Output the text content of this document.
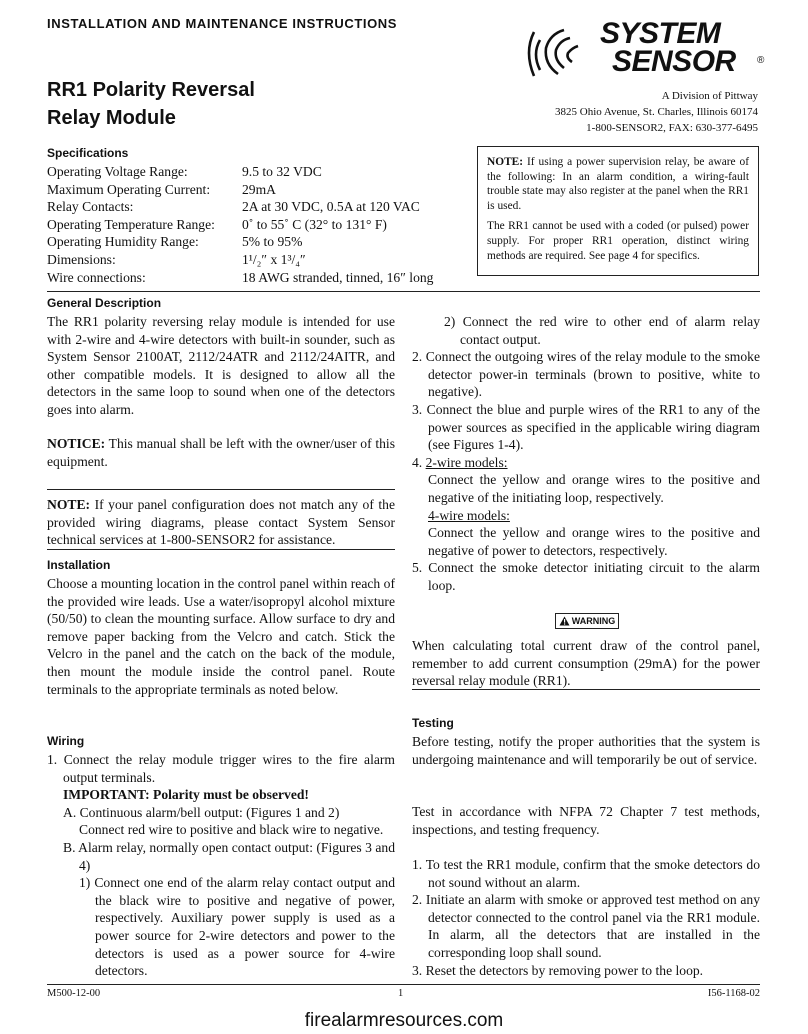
INSTALLATION AND MAINTENANCE INSTRUCTIONS
RR1 Polarity Reversal
Relay Module
SYSTEM
SENSOR ®
A Division of Pittway
3825 Ohio Avenue, St. Charles, Illinois 60174
1-800-SENSOR2, FAX: 630-377-6495
Specifications
Operating Voltage Range:	9.5 to 32 VDC
Maximum Operating Current:	29mA
Relay Contacts:	2A at 30 VDC, 0.5A at 120 VAC
Operating Temperature Range:	0˚ to 55˚ C (32° to 131° F)
Operating Humidity Range:	5% to 95%
Dimensions:	1¹/₂″ x 1³/₄″
Wire connections:	18 AWG stranded, tinned, 16″ long

NOTE: If using a power supervision relay, be aware of the following: In an alarm condition, a wiring-fault trouble state may also register at the panel when the RR1 is used.

The RR1 cannot be used with a coded (or pulsed) power supply. For proper RR1 operation, distinct wiring methods are required. See page 4 for specifics.

General Description
The RR1 polarity reversing relay module is intended for use with 2-wire and 4-wire detectors with built-in sounder, such as System Sensor 2100AT, 2112/24ATR and 2112/24AITR, and other compatible models. It is designed to allow all the detectors in the same loop to sound when one of the detectors goes into alarm.
NOTICE: This manual shall be left with the owner/user of this equipment.
NOTE: If your panel configuration does not match any of the provided wiring diagrams, please contact System Sensor technical services at 1-800-SENSOR2 for assistance.
Installation
Choose a mounting location in the control panel within reach of the provided wire leads. Use a water/isopropyl alcohol mixture (50/50) to clean the mounting surface. Allow surface to dry and remove paper backing from the Velcro and catch. Stick the Velcro in the panel and the catch on the back of the module, then mount the module inside the control panel. Route terminals to the appropriate terminals as noted below.
Wiring

1. Connect the relay module trigger wires to the fire alarm output terminals.

IMPORTANT: Polarity must be observed!

A. Continuous alarm/bell output: (Figures 1 and 2)

Connect red wire to positive and black wire to negative.

B. Alarm relay, normally open contact output: (Figures 3 and 4)

1) Connect one end of the alarm relay contact output and the black wire to positive and negative of power, respectively. Auxiliary power supply is used as a power source for 2-wire detectors and power to the detectors is used as a power source for 4-wire detectors.

2) Connect the red wire to other end of alarm relay contact output.

2. Connect the outgoing wires of the relay module to the smoke detector power-in terminals (brown to positive, white to negative).

3. Connect the blue and purple wires of the RR1 to any of the power sources as specified in the applicable wiring diagram (see Figures 1-4).

4. 2-wire models:

Connect the yellow and orange wires to the positive and negative of the initiating loop, respectively.

4-wire models:

Connect the yellow and orange wires to the positive and negative of power to detectors, respectively.

5. Connect the smoke detector initiating circuit to the alarm loop.

WARNING
When calculating total current draw of the control panel, remember to add current consumption (29mA) for the power reversal relay module (RR1).
Testing
Before testing, notify the proper authorities that the system is undergoing maintenance and will temporarily be out of service.
Test in accordance with NFPA 72 Chapter 7 test methods, inspections, and testing frequency.

1. To test the RR1 module, confirm that the smoke detectors do not sound without an alarm.

2. Initiate an alarm with smoke or approved test method on any detector connected to the control panel via the RR1 module. In alarm, all the detectors that are installed in the corresponding loop shall sound.

3. Reset the detectors by removing power to the loop.

M500-12-00	1	I56-1168-02
firealarmresources.com
